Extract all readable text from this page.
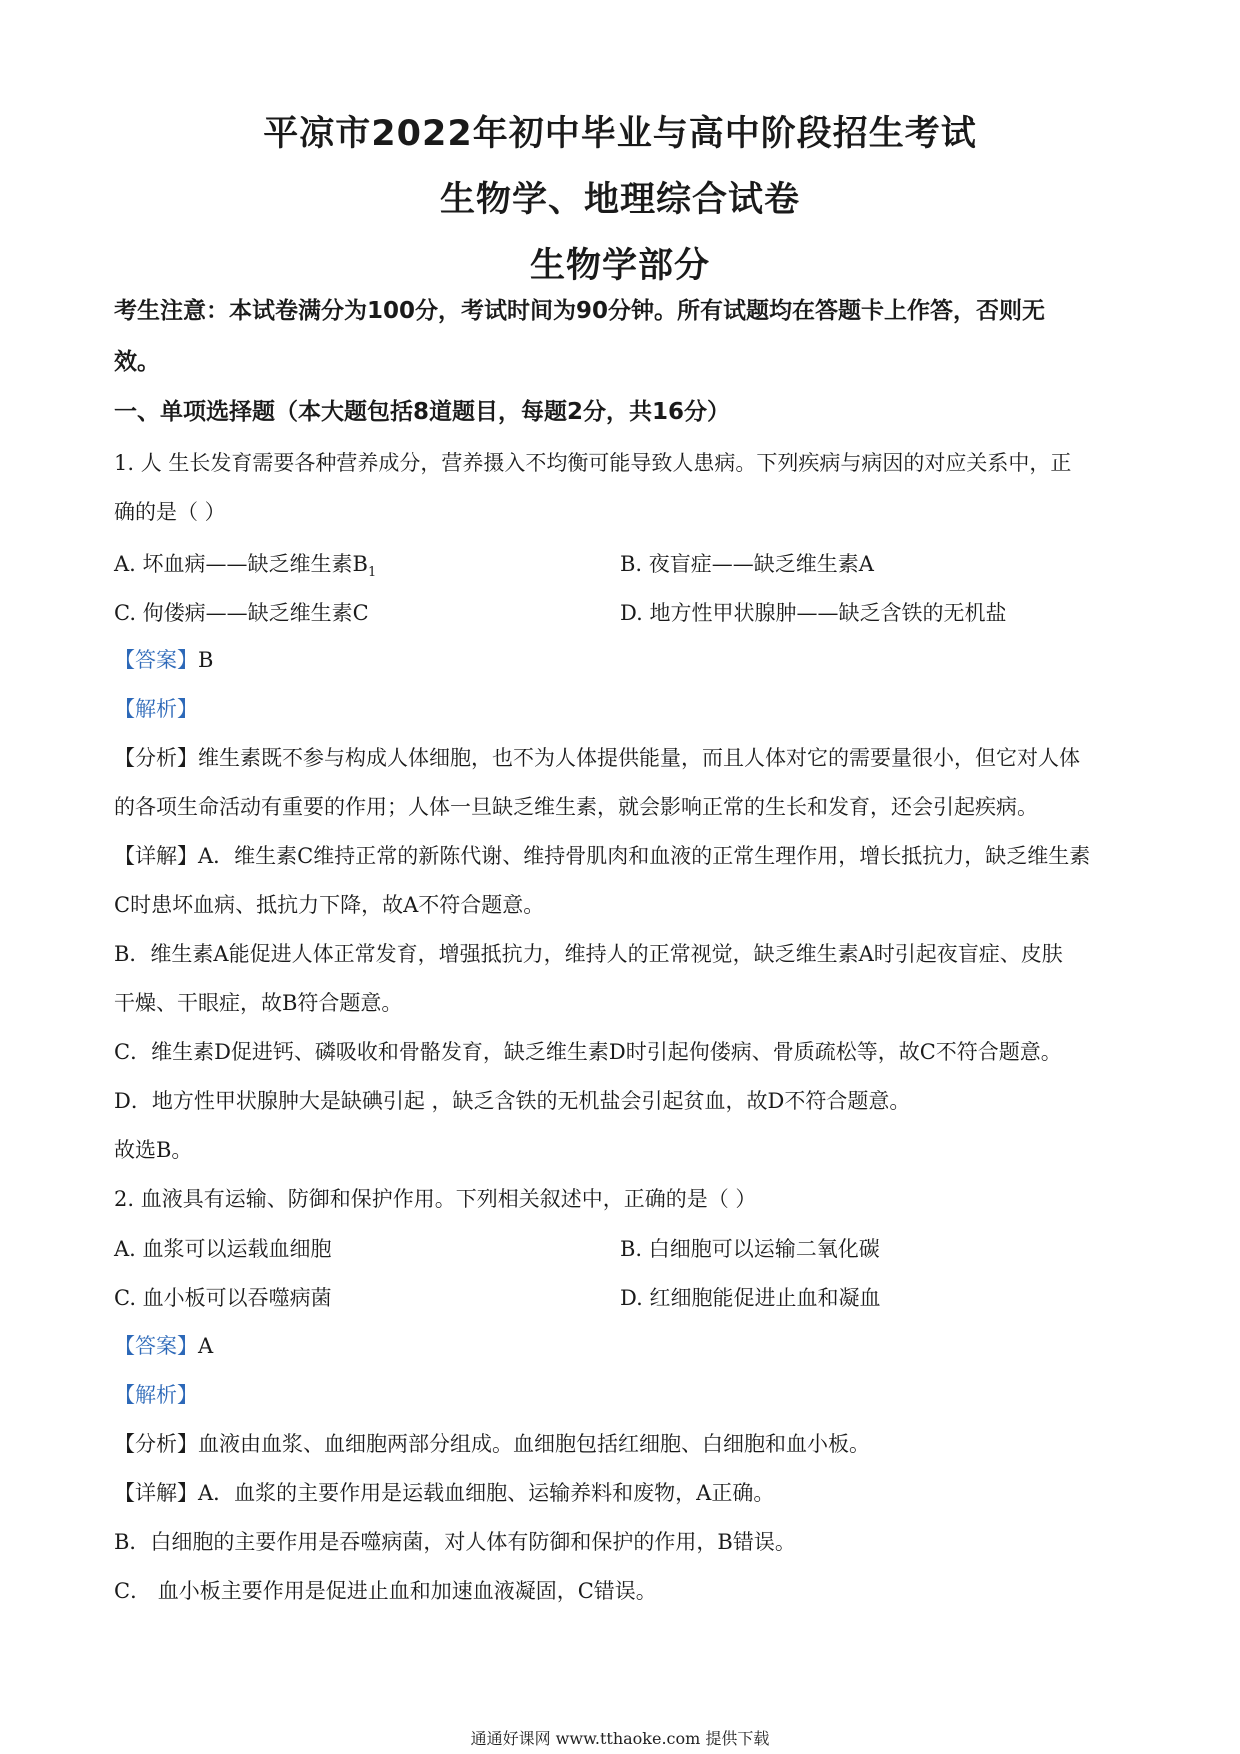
平凉市2022年初中毕业与高中阶段招生考试
生物学、地理综合试卷
生物学部分
考生注意：本试卷满分为100分，考试时间为90分钟。所有试题均在答题卡上作答，否则无
效。
一、单项选择题（本大题包括8道题目，每题2分，共16分）
1. 人 生长发育需要各种营养成分，营养摄入不均衡可能导致人患病。下列疾病与病因的对应关系中，正
确的是（ ）
A. 坏血病——缺乏维生素$B_1$	B. 夜盲症——缺乏维生素A
C. 佝偻病——缺乏维生素C	D. 地方性甲状腺肿——缺乏含铁的无机盐
【答案】B
【解析】
【分析】维生素既不参与构成人体细胞，也不为人体提供能量，而且人体对它的需要量很小，但它对人体
的各项生命活动有重要的作用；人体一旦缺乏维生素，就会影响正常的生长和发育，还会引起疾病。
【详解】A．维生素C维持正常的新陈代谢、维持骨肌肉和血液的正常生理作用，增长抵抗力，缺乏维生素
C时患坏血病、抵抗力下降，故A不符合题意。
B．维生素A能促进人体正常发育，增强抵抗力，维持人的正常视觉，缺乏维生素A时引起夜盲症、皮肤
干燥、干眼症，故B符合题意。
C．维生素D促进钙、磷吸收和骨骼发育，缺乏维生素D时引起佝偻病、骨质疏松等，故C不符合题意。
D．地方性甲状腺肿大是缺碘引起 ，缺乏含铁的无机盐会引起贫血，故D不符合题意。
故选B。
2. 血液具有运输、防御和保护作用。下列相关叙述中，正确的是（ ）
A. 血浆可以运载血细胞	B. 白细胞可以运输二氧化碳
C. 血小板可以吞噬病菌	D. 红细胞能促进止血和凝血
【答案】A
【解析】
【分析】血液由血浆、血细胞两部分组成。血细胞包括红细胞、白细胞和血小板。
【详解】A．血浆的主要作用是运载血细胞、运输养料和废物，A正确。
B．白细胞的主要作用是吞噬病菌，对人体有防御和保护的作用，B错误。
C． 血小板主要作用是促进止血和加速血液凝固，C错误。
通通好课网 www.tthaoke.com 提供下载
